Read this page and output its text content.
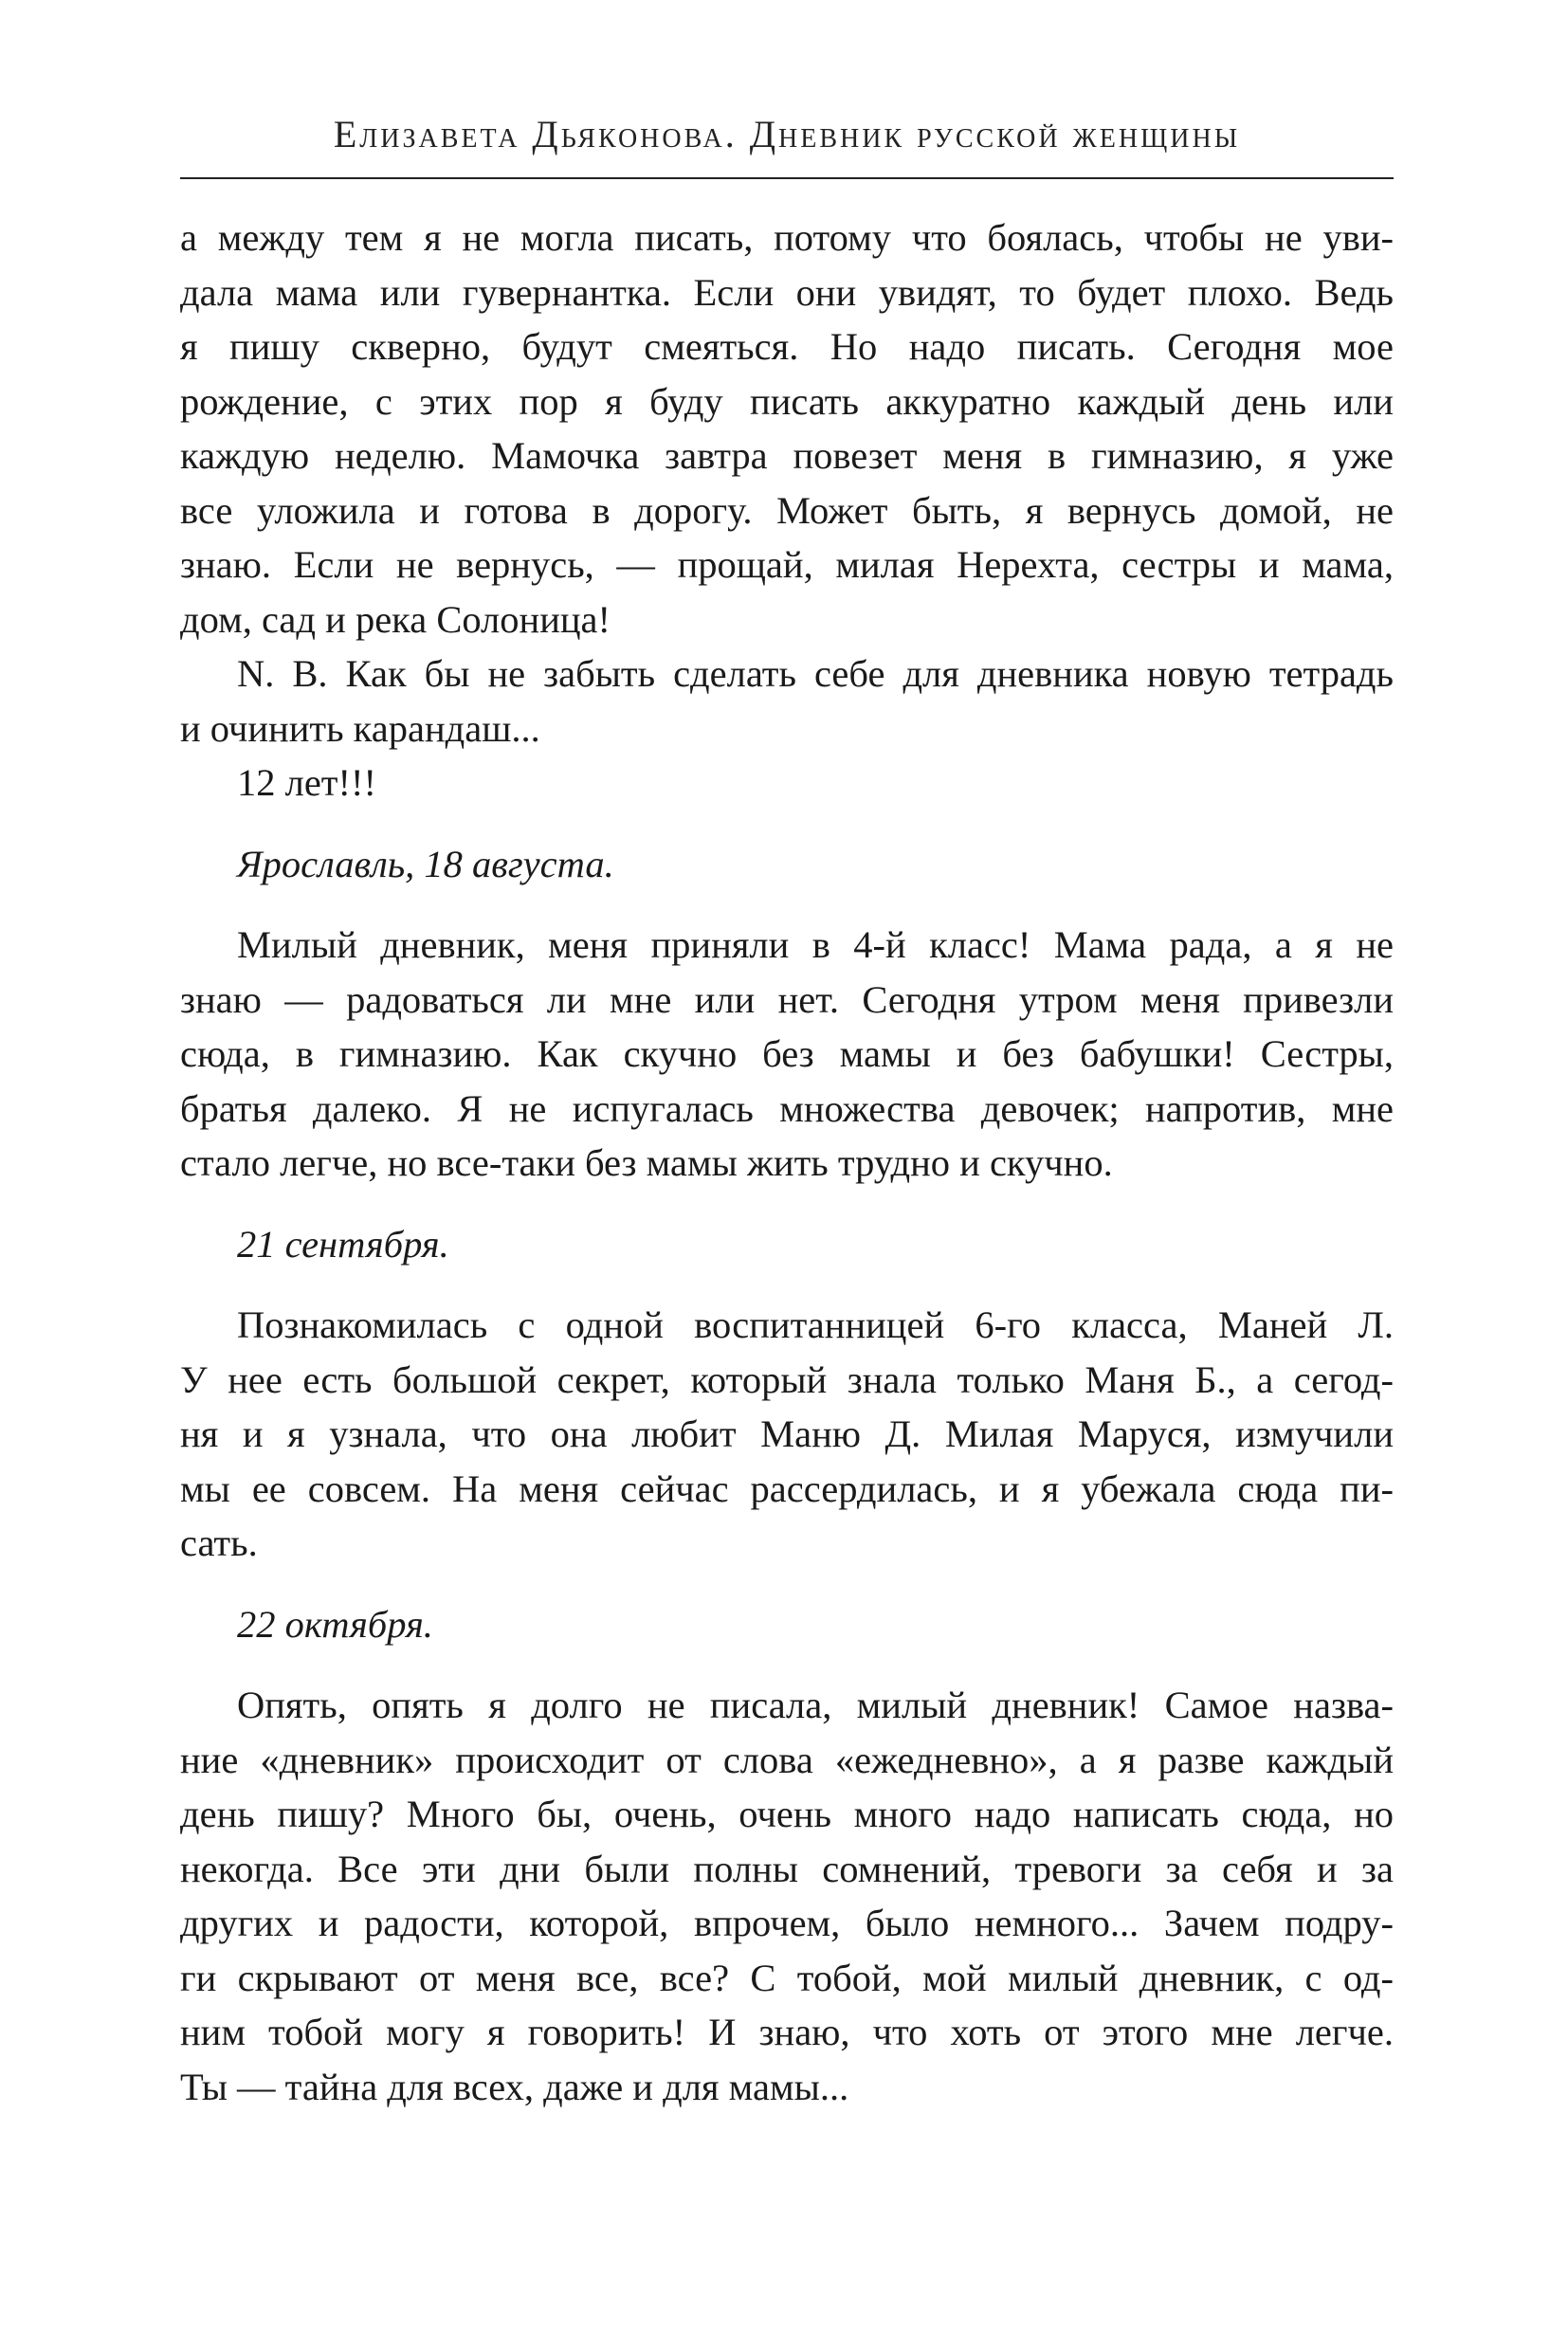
Елизавета Дьяконова. Дневник русской женщины
а между тем я не могла писать, потому что боялась, чтобы не уви-
дала мама или гувернантка. Если они увидят, то будет плохо. Ведь
я пишу скверно, будут смеяться. Но надо писать. Сегодня мое
рождение, с этих пор я буду писать аккуратно каждый день или
каждую неделю. Мамочка завтра повезет меня в гимназию, я уже
все уложила и готова в дорогу. Может быть, я вернусь домой, не
знаю. Если не вернусь, — прощай, милая Нерехта, сестры и мама,
дом, сад и река Солоница!
N. B. Как бы не забыть сделать себе для дневника новую тетрадь
и очинить карандаш...
12 лет!!!
Ярославль, 18 августа.
Милый дневник, меня приняли в 4-й класс! Мама рада, а я не
знаю — радоваться ли мне или нет. Сегодня утром меня привезли
сюда, в гимназию. Как скучно без мамы и без бабушки! Сестры,
братья далеко. Я не испугалась множества девочек; напротив, мне
стало легче, но все-таки без мамы жить трудно и скучно.
21 сентября.
Познакомилась с одной воспитанницей 6-го класса, Маней Л.
У нее есть большой секрет, который знала только Маня Б., а сегод-
ня и я узнала, что она любит Маню Д. Милая Маруся, измучили
мы ее совсем. На меня сейчас рассердилась, и я убежала сюда пи-
сать.
22 октября.
Опять, опять я долго не писала, милый дневник! Самое назва-
ние «дневник» происходит от слова «ежедневно», а я разве каждый
день пишу? Много бы, очень, очень много надо написать сюда, но
некогда. Все эти дни были полны сомнений, тревоги за себя и за
других и радости, которой, впрочем, было немного... Зачем подру-
ги скрывают от меня все, все? С тобой, мой милый дневник, с од-
ним тобой могу я говорить! И знаю, что хоть от этого мне легче.
Ты — тайна для всех, даже и для мамы...
